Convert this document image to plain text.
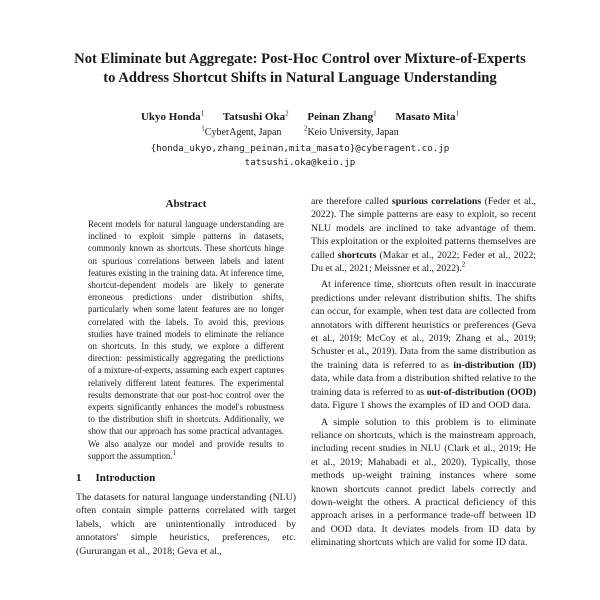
Not Eliminate but Aggregate: Post-Hoc Control over Mixture-of-Experts
to Address Shortcut Shifts in Natural Language Understanding
Ukyo Honda$^1$ Tatsushi Oka$^2$ Peinan Zhang$^1$ Masato Mita$^1$
$^1$CyberAgent, Japan	$^2$Keio University, Japan
{honda_ukyo,zhang_peinan,mita_masato}@cyberagent.co.jp
tatsushi.oka@keio.jp
Abstract
Recent models for natural language understanding are inclined to exploit simple patterns in datasets, commonly known as shortcuts. These shortcuts hinge on spurious correlations between labels and latent features existing in the training data. At inference time, shortcut-dependent models are likely to generate erroneous predictions under distribution shifts, particularly when some latent features are no longer correlated with the labels. To avoid this, previous studies have trained models to eliminate the reliance on shortcuts. In this study, we explore a different direction: pessimistically aggregating the predictions of a mixture-of-experts, assuming each expert captures relatively different latent features. The experimental results demonstrate that our post-hoc control over the experts significantly enhances the model's robustness to the distribution shift in shortcuts. Additionally, we show that our approach has some practical advantages. We also analyze our model and provide results to support the assumption.$^1$
1 Introduction

The datasets for natural language understanding (NLU) often contain simple patterns correlated with target labels, which are unintentionally introduced by annotators' simple heuristics, preferences, etc. (Gururangan et al., 2018; Geva et al.,

are therefore called spurious correlations (Feder et al., 2022). The simple patterns are easy to exploit, so recent NLU models are inclined to take advantage of them. This exploitation or the exploited patterns themselves are called shortcuts (Makar et al., 2022; Feder et al., 2022; Du et al., 2021; Meissner et al., 2022).$^2$

At inference time, shortcuts often result in inaccurate predictions under relevant distribution shifts. The shifts can occur, for example, when test data are collected from annotators with different heuristics or preferences (Geva et al., 2019; McCoy et al., 2019; Zhang et al., 2019; Schuster et al., 2019). Data from the same distribution as the training data is referred to as in-distribution (ID) data, while data from a distribution shifted relative to the training data is referred to as out-of-distribution (OOD) data. Figure 1 shows the examples of ID and OOD data.

A simple solution to this problem is to eliminate reliance on shortcuts, which is the mainstream approach, including recent studies in NLU (Clark et al., 2019; He et al., 2019; Mahabadi et al., 2020). Typically, those methods up-weight training instances where some known shortcuts cannot predict labels correctly and down-weight the others. A practical deficiency of this approach arises in a performance trade-off between ID and OOD data. It deviates models from ID data by eliminating shortcuts which are valid for some ID data.
